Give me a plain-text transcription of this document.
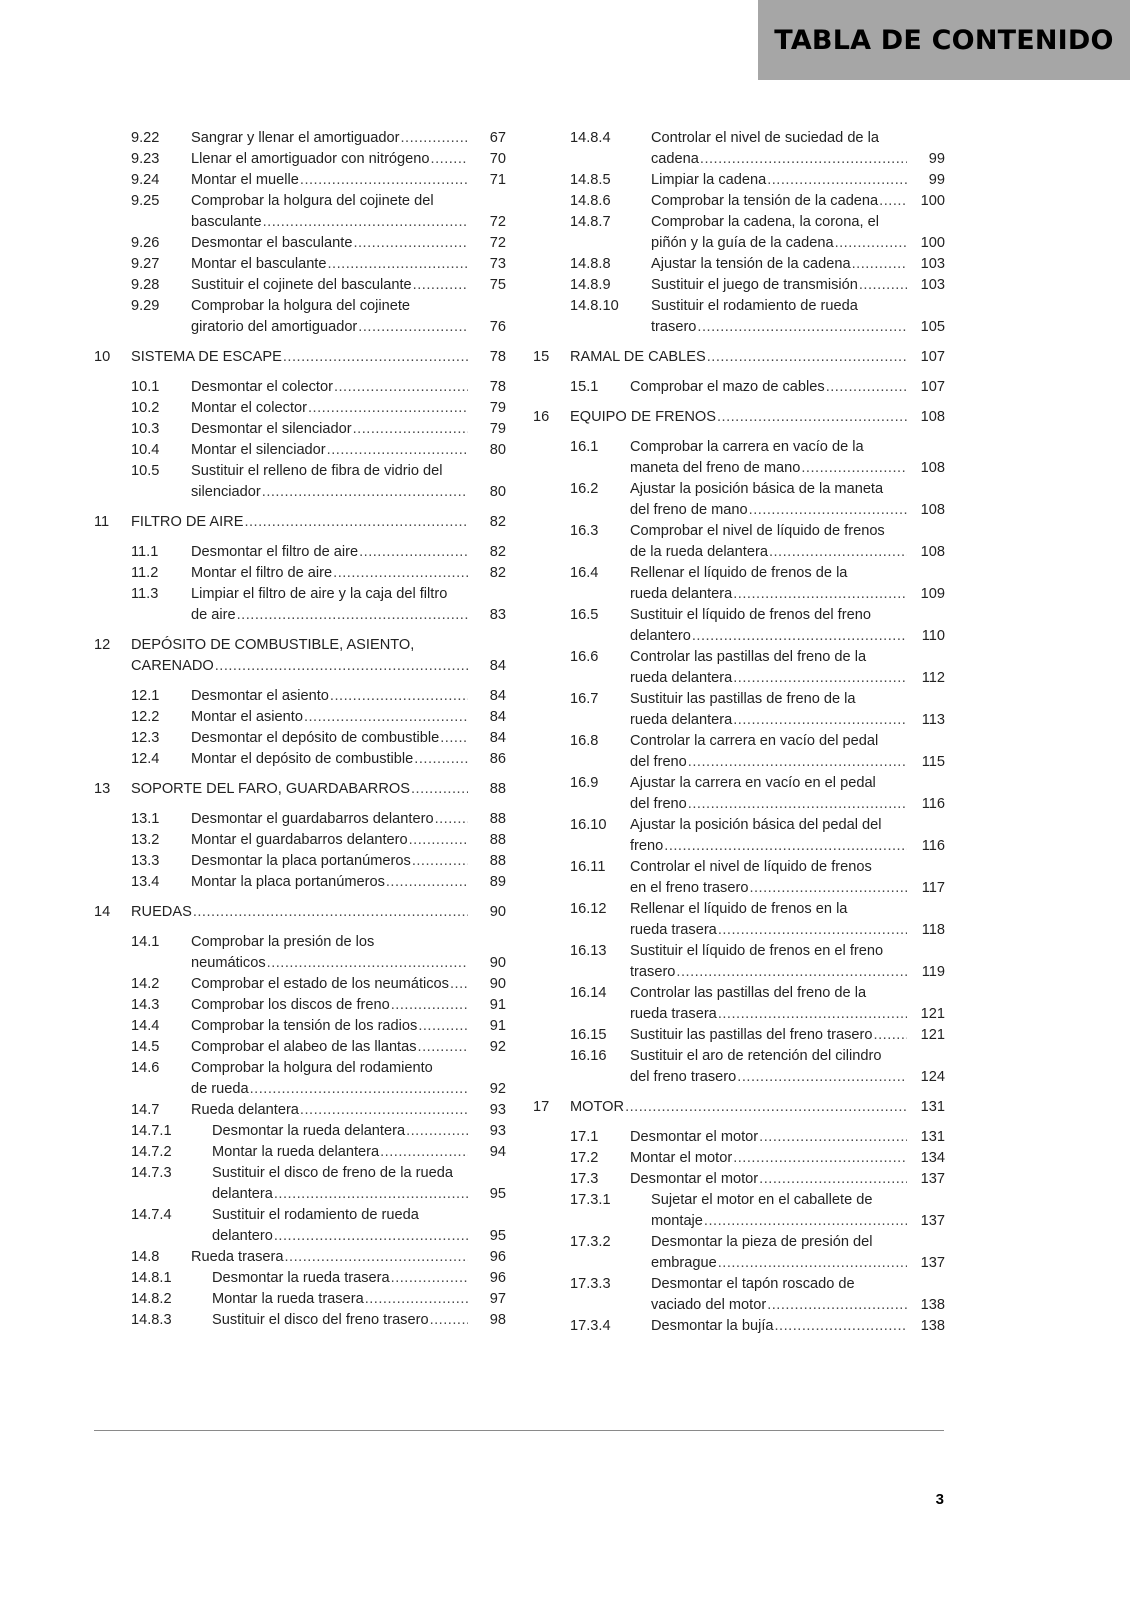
TABLA DE CONTENIDO
9.22 Sangrar y llenar el amortiguador .....	67
9.23 Llenar el amortiguador con nitrógeno .....	70
9.24 Montar el muelle .....	71
9.25 Comprobar la holgura del cojinete del
basculante .....	72
9.26 Desmontar el basculante .....	72
9.27 Montar el basculante .....	73
9.28 Sustituir el cojinete del basculante .....	75
9.29 Comprobar la holgura del cojinete
giratorio del amortiguador .....	76
10 SISTEMA DE ESCAPE .....	78
10.1 Desmontar el colector .....	78
10.2 Montar el colector .....	79
10.3 Desmontar el silenciador .....	79
10.4 Montar el silenciador .....	80
10.5 Sustituir el relleno de fibra de vidrio del
silenciador .....	80
11 FILTRO DE AIRE .....	82
11.1 Desmontar el filtro de aire .....	82
11.2 Montar el filtro de aire .....	82
11.3 Limpiar el filtro de aire y la caja del filtro
de aire .....	83
12 DEPÓSITO DE COMBUSTIBLE, ASIENTO,
CARENADO .....	84
12.1 Desmontar el asiento .....	84
12.2 Montar el asiento .....	84
12.3 Desmontar el depósito de combustible .....	84
12.4 Montar el depósito de combustible .....	86
13 SOPORTE DEL FARO, GUARDABARROS .....	88
13.1 Desmontar el guardabarros delantero .....	88
13.2 Montar el guardabarros delantero .....	88
13.3 Desmontar la placa portanúmeros .....	88
13.4 Montar la placa portanúmeros .....	89
14 RUEDAS .....	90
14.1 Comprobar la presión de los
neumáticos .....	90
14.2 Comprobar el estado de los neumáticos .....	90
14.3 Comprobar los discos de freno .....	91
14.4 Comprobar la tensión de los radios .....	91
14.5 Comprobar el alabeo de las llantas .....	92
14.6 Comprobar la holgura del rodamiento
de rueda .....	92
14.7 Rueda delantera .....	93
14.7.1	Desmontar la rueda delantera .....	93
14.7.2	Montar la rueda delantera .....	94
14.7.3	Sustituir el disco de freno de la rueda
delantera .....	95
14.7.4	Sustituir el rodamiento de rueda
delantero .....	95
14.8 Rueda trasera .....	96
14.8.1	Desmontar la rueda trasera .....	96
14.8.2	Montar la rueda trasera .....	97
14.8.3	Sustituir el disco del freno trasero .....	98
14.8.4	Controlar el nivel de suciedad de la
cadena .....	99
14.8.5	Limpiar la cadena .....	99
14.8.6	Comprobar la tensión de la cadena .....	100
14.8.7	Comprobar la cadena, la corona, el
piñón y la guía de la cadena .....	100
14.8.8	Ajustar la tensión de la cadena .....	103
14.8.9	Sustituir el juego de transmisión .....	103
14.8.10 Sustituir el rodamiento de rueda
trasero .....	105
15 RAMAL DE CABLES .....	107
15.1 Comprobar el mazo de cables .....	107
16 EQUIPO DE FRENOS .....	108
16.1 Comprobar la carrera en vacío de la
maneta del freno de mano .....	108
16.2 Ajustar la posición básica de la maneta
del freno de mano .....	108
16.3 Comprobar el nivel de líquido de frenos
de la rueda delantera .....	108
16.4 Rellenar el líquido de frenos de la
rueda delantera .....	109
16.5 Sustituir el líquido de frenos del freno
delantero .....	110
16.6 Controlar las pastillas del freno de la
rueda delantera .....	112
16.7 Sustituir las pastillas de freno de la
rueda delantera .....	113
16.8 Controlar la carrera en vacío del pedal
del freno .....	115
16.9 Ajustar la carrera en vacío en el pedal
del freno .....	116
16.10 Ajustar la posición básica del pedal del
freno .....	116
16.11 Controlar el nivel de líquido de frenos
en el freno trasero .....	117
16.12 Rellenar el líquido de frenos en la
rueda trasera .....	118
16.13 Sustituir el líquido de frenos en el freno
trasero .....	119
16.14 Controlar las pastillas del freno de la
rueda trasera .....	121
16.15 Sustituir las pastillas del freno trasero .....	121
16.16 Sustituir el aro de retención del cilindro
del freno trasero .....	124
17 MOTOR .....	131
17.1 Desmontar el motor .....	131
17.2 Montar el motor .....	134
17.3 Desmontar el motor .....	137
17.3.1	Sujetar el motor en el caballete de
montaje .....	137
17.3.2	Desmontar la pieza de presión del
embrague .....	137
17.3.3	Desmontar el tapón roscado de
vaciado del motor .....	138
17.3.4	Desmontar la bujía .....	138
3
